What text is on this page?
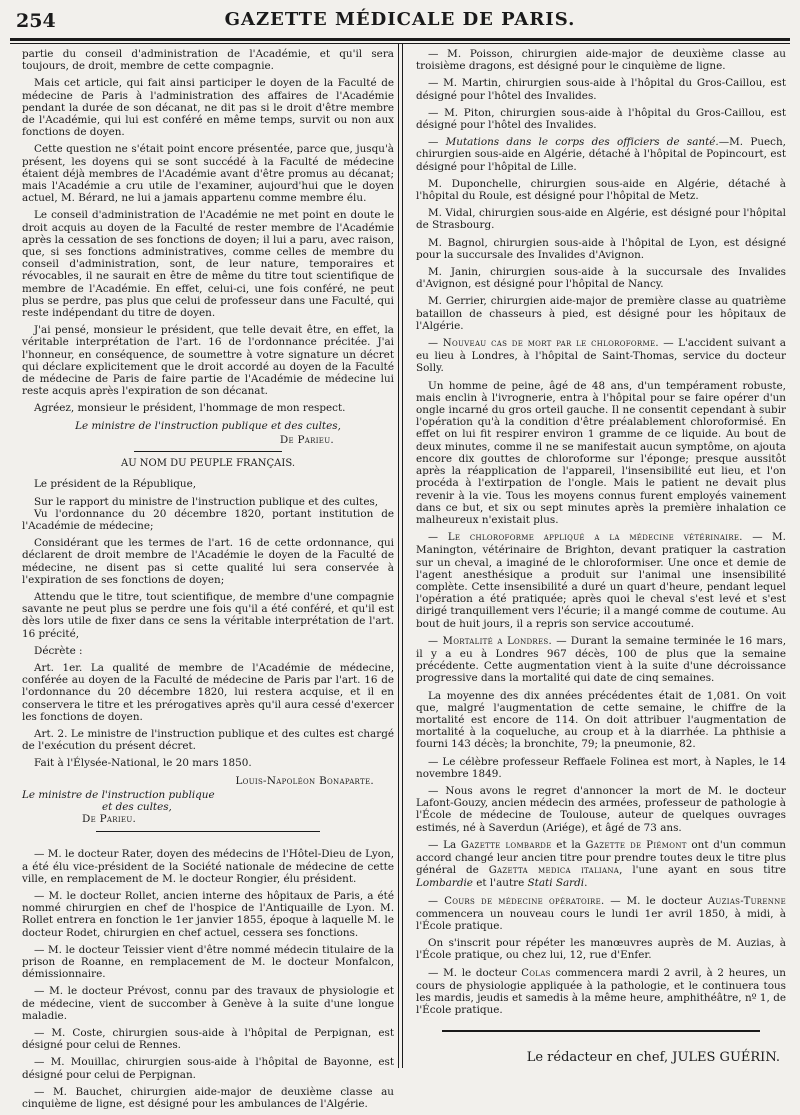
254	GAZETTE MÉDICALE DE PARIS.

partie du conseil d'administration de l'Académie, et qu'il sera toujours, de droit, membre de cette compagnie.

Mais cet article, qui fait ainsi participer le doyen de la Faculté de médecine de Paris à l'administration des affaires de l'Académie pendant la durée de son décanat, ne dit pas si le droit d'être membre de l'Académie, qui lui est conféré en même temps, survit ou non aux fonctions de doyen.

Cette question ne s'était point encore présentée, parce que, jusqu'à présent, les doyens qui se sont succédé à la Faculté de médecine étaient déjà membres de l'Académie avant d'être promus au décanat; mais l'Académie a cru utile de l'examiner, aujourd'hui que le doyen actuel, M. Bérard, ne lui a jamais appartenu comme membre élu.

Le conseil d'administration de l'Académie ne met point en doute le droit acquis au doyen de la Faculté de rester membre de l'Académie après la cessation de ses fonctions de doyen; il lui a paru, avec raison, que, si ses fonctions administratives, comme celles de membre du conseil d'administration, sont, de leur nature, temporaires et révocables, il ne saurait en être de même du titre tout scientifique de membre de l'Académie. En effet, celui-ci, une fois conféré, ne peut plus se perdre, pas plus que celui de professeur dans une Faculté, qui reste indépendant du titre de doyen.

J'ai pensé, monsieur le président, que telle devait être, en effet, la véritable interprétation de l'art. 16 de l'ordonnance précitée. J'ai l'honneur, en conséquence, de soumettre à votre signature un décret qui déclare explicitement que le droit accordé au doyen de la Faculté de médecine de Paris de faire partie de l'Académie de médecine lui reste acquis après l'expiration de son décanat.

Agréez, monsieur le président, l'hommage de mon respect.

Le ministre de l'instruction publique et des cultes,

De Parieu.

AU NOM DU PEUPLE FRANÇAIS.

Le président de la République,

Sur le rapport du ministre de l'instruction publique et des cultes,

Vu l'ordonnance du 20 décembre 1820, portant institution de l'Académie de médecine;

Considérant que les termes de l'art. 16 de cette ordonnance, qui déclarent de droit membre de l'Académie le doyen de la Faculté de médecine, ne disent pas si cette qualité lui sera conservée à l'expiration de ses fonctions de doyen;

Attendu que le titre, tout scientifique, de membre d'une compagnie savante ne peut plus se perdre une fois qu'il a été conféré, et qu'il est dès lors utile de fixer dans ce sens la véritable interprétation de l'art. 16 précité,

Décrète :

Art. 1er. La qualité de membre de l'Académie de médecine, conférée au doyen de la Faculté de médecine de Paris par l'art. 16 de l'ordonnance du 20 décembre 1820, lui restera acquise, et il en conservera le titre et les prérogatives après qu'il aura cessé d'exercer les fonctions de doyen.

Art. 2. Le ministre de l'instruction publique et des cultes est chargé de l'exécution du présent décret.

Fait à l'Élysée-National, le 20 mars 1850.

Louis-Napoléon Bonaparte.

Le ministre de l'instruction publique

et des cultes,

De Parieu.

— M. le docteur Rater, doyen des médecins de l'Hôtel-Dieu de Lyon, a été élu vice-président de la Société nationale de médecine de cette ville, en remplacement de M. le docteur Rongier, élu président.

— M. le docteur Rollet, ancien interne des hôpitaux de Paris, a été nommé chirurgien en chef de l'hospice de l'Antiquaille de Lyon. M. Rollet entrera en fonction le 1er janvier 1855, époque à laquelle M. le docteur Rodet, chirurgien en chef actuel, cessera ses fonctions.

— M. le docteur Teissier vient d'être nommé médecin titulaire de la prison de Roanne, en remplacement de M. le docteur Monfalcon, démissionnaire.

— M. le docteur Prévost, connu par des travaux de physiologie et de médecine, vient de succomber à Genève à la suite d'une longue maladie.

— M. Coste, chirurgien sous-aide à l'hôpital de Perpignan, est désigné pour celui de Rennes.

— M. Mouillac, chirurgien sous-aide à l'hôpital de Bayonne, est désigné pour celui de Perpignan.

— M. Bauchet, chirurgien aide-major de deuxième classe au cinquième de ligne, est désigné pour les ambulances de l'Algérie.

— M. Poisson, chirurgien aide-major de deuxième classe au troisième dragons, est désigné pour le cinquième de ligne.

— M. Martin, chirurgien sous-aide à l'hôpital du Gros-Caillou, est désigné pour l'hôtel des Invalides.

— M. Piton, chirurgien sous-aide à l'hôpital du Gros-Caillou, est désigné pour l'hôtel des Invalides.

— Mutations dans le corps des officiers de santé.—M. Puech, chirurgien sous-aide en Algérie, détaché à l'hôpital de Popincourt, est désigné pour l'hôpital de Lille.

M. Duponchelle, chirurgien sous-aide en Algérie, détaché à l'hôpital du Roule, est désigné pour l'hôpital de Metz.

M. Vidal, chirurgien sous-aide en Algérie, est désigné pour l'hôpital de Strasbourg.

M. Bagnol, chirurgien sous-aide à l'hôpital de Lyon, est désigné pour la succursale des Invalides d'Avignon.

M. Janin, chirurgien sous-aide à la succursale des Invalides d'Avignon, est désigné pour l'hôpital de Nancy.

M. Gerrier, chirurgien aide-major de première classe au quatrième bataillon de chasseurs à pied, est désigné pour les hôpitaux de l'Algérie.

— Nouveau cas de mort par le chloroforme. — L'accident suivant a eu lieu à Londres, à l'hôpital de Saint-Thomas, service du docteur Solly.

Un homme de peine, âgé de 48 ans, d'un tempérament robuste, mais enclin à l'ivrognerie, entra à l'hôpital pour se faire opérer d'un ongle incarné du gros orteil gauche. Il ne consentit cependant à subir l'opération qu'à la condition d'être préalablement chloroformisé. En effet on lui fit respirer environ 1 gramme de ce liquide. Au bout de deux minutes, comme il ne se manifestait aucun symptôme, on ajouta encore dix gouttes de chloroforme sur l'éponge; presque aussitôt après la réapplication de l'appareil, l'insensibilité eut lieu, et l'on procéda à l'extirpation de l'ongle. Mais le patient ne devait plus revenir à la vie. Tous les moyens connus furent employés vainement dans ce but, et six ou sept minutes après la première inhalation ce malheureux n'existait plus.

— Le chloroforme appliqué a la médecine vétérinaire. — M. Manington, vétérinaire de Brighton, devant pratiquer la castration sur un cheval, a imaginé de le chloroformiser. Une once et demie de l'agent anesthésique a produit sur l'animal une insensibilité complète. Cette insensibilité a duré un quart d'heure, pendant lequel l'opération a été pratiquée; après quoi le cheval s'est levé et s'est dirigé tranquillement vers l'écurie; il a mangé comme de coutume. Au bout de huit jours, il a repris son service accoutumé.

— Mortalité a Londres. — Durant la semaine terminée le 16 mars, il y a eu à Londres 967 décès, 100 de plus que la semaine précédente. Cette augmentation vient à la suite d'une décroissance progressive dans la mortalité qui date de cinq semaines.

La moyenne des dix années précédentes était de 1,081. On voit que, malgré l'augmentation de cette semaine, le chiffre de la mortalité est encore de 114. On doit attribuer l'augmentation de mortalité à la coqueluche, au croup et à la diarrhée. La phthisie a fourni 143 décès; la bronchite, 79; la pneumonie, 82.

— Le célèbre professeur Reffaele Folinea est mort, à Naples, le 14 novembre 1849.

— Nous avons le regret d'annoncer la mort de M. le docteur Lafont-Gouzy, ancien médecin des armées, professeur de pathologie à l'École de médecine de Toulouse, auteur de quelques ouvrages estimés, né à Saverdun (Ariége), et âgé de 73 ans.

— La Gazette lombarde et la Gazette de Piémont ont d'un commun accord changé leur ancien titre pour prendre toutes deux le titre plus général de Gazetta medica italiana, l'une ayant en sous titre Lombardie et l'autre Stati Sardi.

— Cours de médecine opératoire. — M. le docteur Auzias-Turenne commencera un nouveau cours le lundi 1er avril 1850, à midi, à l'École pratique.

On s'inscrit pour répéter les manœuvres auprès de M. Auzias, à l'École pratique, ou chez lui, 12, rue d'Enfer.

— M. le docteur Colas commencera mardi 2 avril, à 2 heures, un cours de physiologie appliquée à la pathologie, et le continuera tous les mardis, jeudis et samedis à la même heure, amphithéâtre, nº 1, de l'École pratique.

Le rédacteur en chef, JULES GUÉRIN.
